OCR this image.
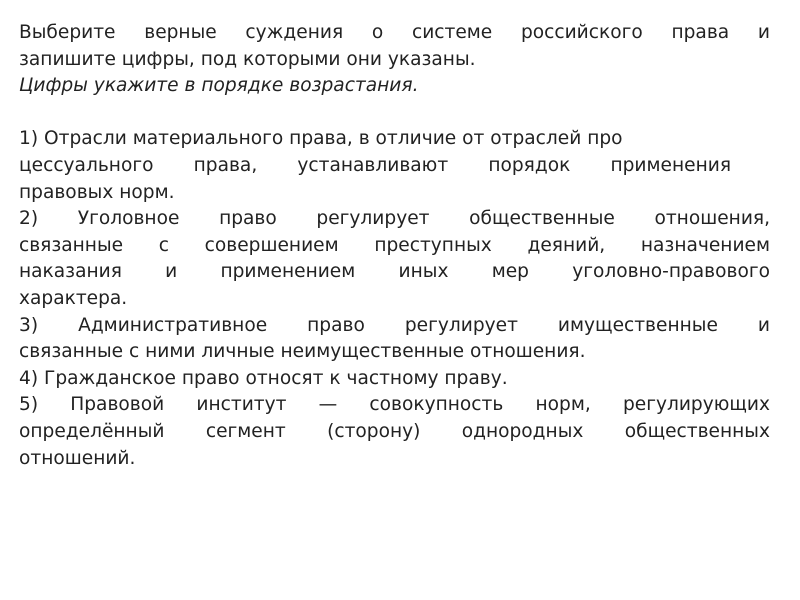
Выберите верные суждения о системе российского права и
запишите цифры, под которыми они указаны.
Цифры укажите в порядке возрастания.
1) Отрасли материального права, в отличие от отраслей про
цессуального права, устанавливают порядок применения
правовых норм.
2) Уголовное право регулирует общественные отношения,
связанные с совершением преступных деяний, назначением
наказания и применением иных мер уголовно-правового
характера.
3) Административное право регулирует имущественные и
связанные с ними личные неимущественные отношения.
4) Гражданское право относят к частному праву.
5) Правовой институт — совокупность норм, регулирующих
определённый сегмент (сторону) однородных общественных
отношений.
